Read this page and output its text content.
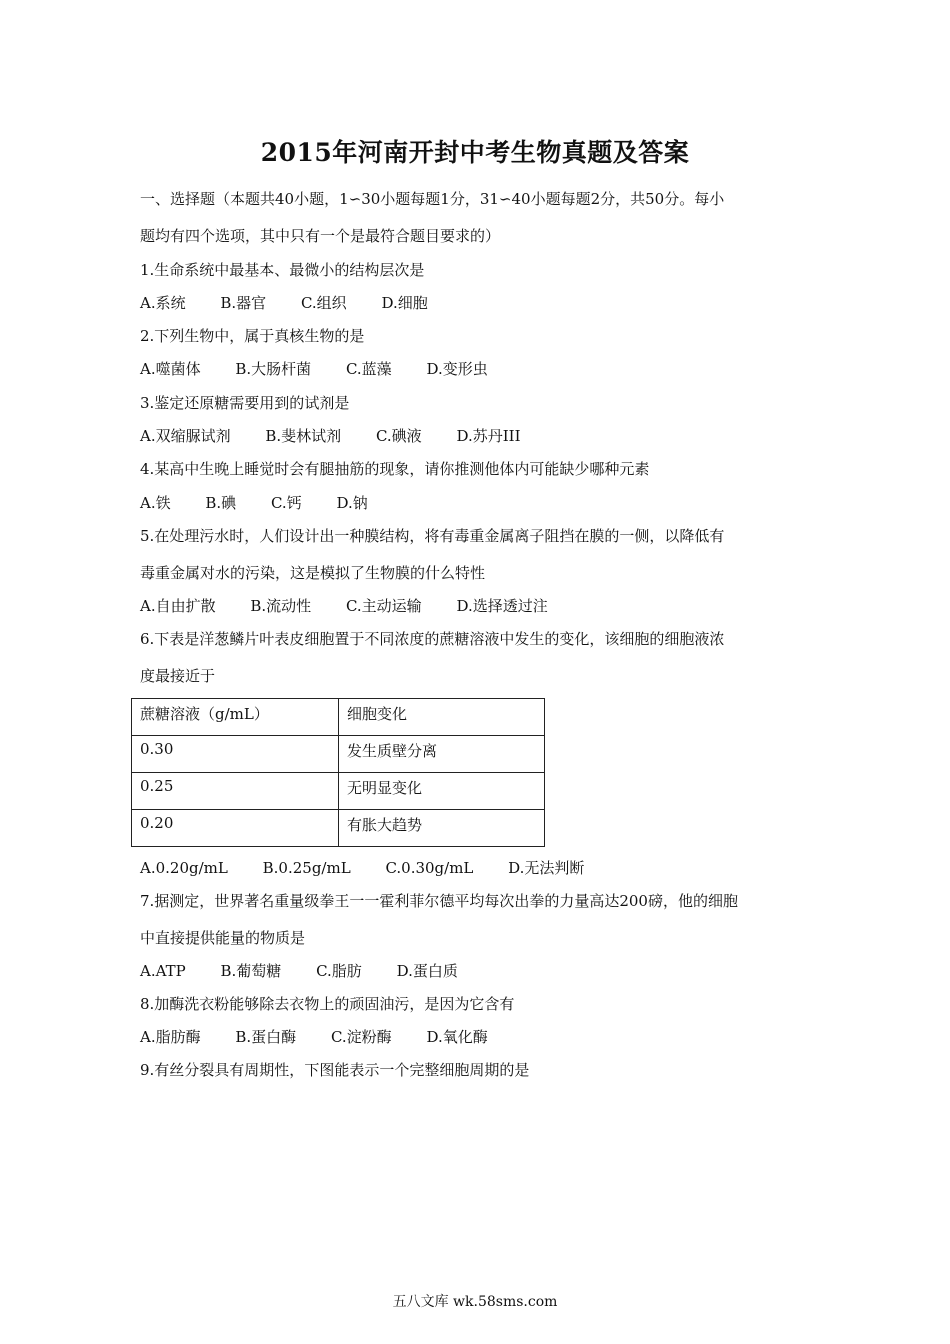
2015年河南开封中考生物真题及答案
一、选择题（本题共40小题，1∽30小题每题1分，31∽40小题每题2分，共50分。每小
题均有四个选项，其中只有一个是最符合题目要求的）
1.生命系统中最基本、最微小的结构层次是
A.系统 B.器官 C.组织 D.细胞
2.下列生物中，属于真核生物的是
A.噬菌体 B.大肠杆菌 C.蓝藻 D.变形虫
3.鉴定还原糖需要用到的试剂是
A.双缩脲试剂 B.斐林试剂 C.碘液 D.苏丹III
4.某高中生晚上睡觉时会有腿抽筋的现象，请你推测他体内可能缺少哪种元素
A.铁 B.碘 C.钙 D.钠
5.在处理污水时，人们设计出一种膜结构，将有毒重金属离子阻挡在膜的一侧，以降低有
毒重金属对水的污染，这是模拟了生物膜的什么特性
A.自由扩散 B.流动性 C.主动运输 D.选择透过注
6.下表是洋葱鳞片叶表皮细胞置于不同浓度的蔗糖溶液中发生的变化，该细胞的细胞液浓
度最接近于
蔗糖溶液（g/mL）	细胞变化
0.30	发生质壁分离
0.25	无明显变化
0.20	有胀大趋势
A.0.20g/mL B.0.25g/mL C.0.30g/mL D.无法判断
7.据测定，世界著名重量级拳王一一霍利菲尔德平均每次出拳的力量高达200磅，他的细胞
中直接提供能量的物质是
A.ATP B.葡萄糖 C.脂肪 D.蛋白质
8.加酶洗衣粉能够除去衣物上的顽固油污，是因为它含有
A.脂肪酶 B.蛋白酶 C.淀粉酶 D.氧化酶
9.有丝分裂具有周期性，下图能表示一个完整细胞周期的是
五八文库 wk.58sms.com
